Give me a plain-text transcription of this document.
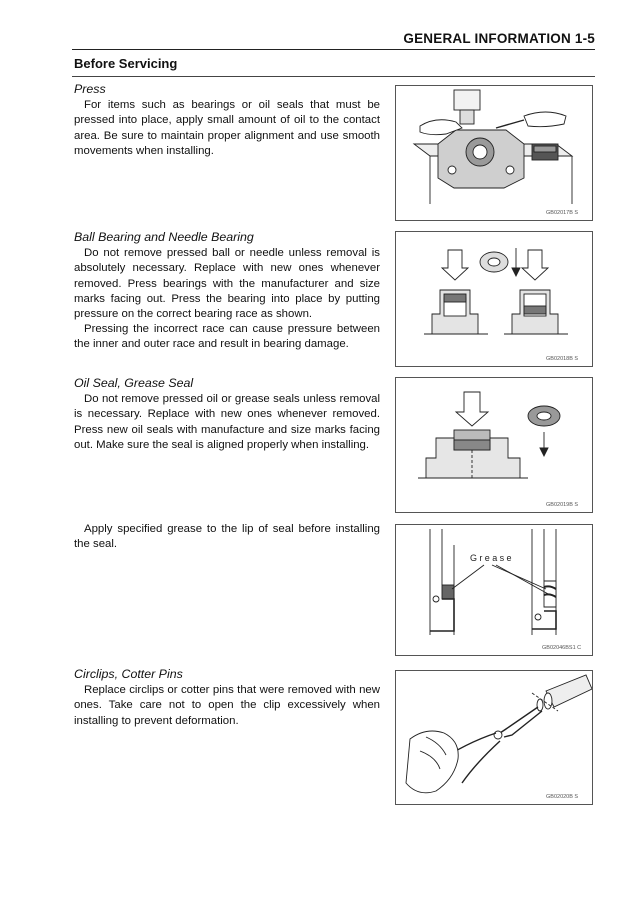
GENERAL INFORMATION 1-5
Before Servicing
Press

For items such as bearings or oil seals that must be pressed into place, apply small amount of oil to the contact area. Be sure to maintain proper alignment and use smooth movements when installing.

Ball Bearing and Needle Bearing

Do not remove pressed ball or needle unless removal is absolutely necessary. Replace with new ones whenever removed. Press bearings with the manufacturer and size marks facing out. Press the bearing into place by putting pressure on the correct bearing race as shown.

Pressing the incorrect race can cause pressure between the inner and outer race and result in bearing damage.

Oil Seal, Grease Seal

Do not remove pressed oil or grease seals unless removal is necessary. Replace with new ones whenever removed. Press new oil seals with manufacture and size marks facing out. Make sure the seal is aligned properly when installing.

Apply specified grease to the lip of seal before installing the seal.

Circlips, Cotter Pins

Replace circlips or cotter pins that were removed with new ones. Take care not to open the clip excessively when installing to prevent deformation.

GB02017B S
GB02018B S
GB02019B S
Grease
GB02046BS1 C
GB02020B S
